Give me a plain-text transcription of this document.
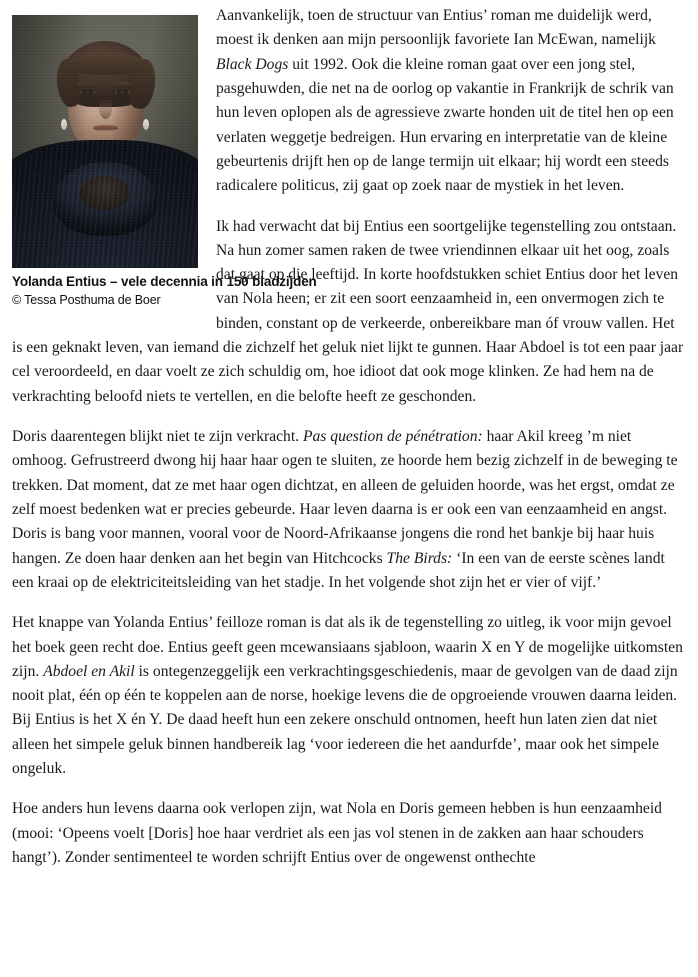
Yolanda Entius – vele decennia in 150 bladzijden
© Tessa Posthuma de Boer

Aanvankelijk, toen de structuur van Entius’ roman me duidelijk werd, moest ik denken aan mijn persoonlijk favoriete Ian McEwan, namelijk Black Dogs uit 1992. Ook die kleine roman gaat over een jong stel, pasgehuwden, die net na de oorlog op vakantie in Frankrijk de schrik van hun leven oplopen als de agressieve zwarte honden uit de titel hen op een verlaten weggetje bedreigen. Hun ervaring en interpretatie van de kleine gebeurtenis drijft hen op de lange termijn uit elkaar; hij wordt een steeds radicalere politicus, zij gaat op zoek naar de mystiek in het leven.

Ik had verwacht dat bij Entius een soortgelijke tegenstelling zou ontstaan. Na hun zomer samen raken de twee vriendinnen elkaar uit het oog, zoals dat gaat op die leeftijd. In korte hoofdstukken schiet Entius door het leven van Nola heen; er zit een soort eenzaamheid in, een onvermogen zich te binden, constant op de verkeerde, onbereikbare man óf vrouw vallen. Het is een geknakt leven, van iemand die zichzelf het geluk niet lijkt te gunnen. Haar Abdoel is tot een paar jaar cel veroordeeld, en daar voelt ze zich schuldig om, hoe idioot dat ook moge klinken. Ze had hem na de verkrachting beloofd niets te vertellen, en die belofte heeft ze geschonden.

Doris daarentegen blijkt niet te zijn verkracht. Pas question de pénétration: haar Akil kreeg ’m niet omhoog. Gefrustreerd dwong hij haar haar ogen te sluiten, ze hoorde hem bezig zichzelf in de beweging te trekken. Dat moment, dat ze met haar ogen dichtzat, en alleen de geluiden hoorde, was het ergst, omdat ze zelf moest bedenken wat er precies gebeurde. Haar leven daarna is er ook een van eenzaamheid en angst. Doris is bang voor mannen, vooral voor de Noord-Afrikaanse jongens die rond het bankje bij haar huis hangen. Ze doen haar denken aan het begin van Hitchcocks The Birds: ‘In een van de eerste scènes landt een kraai op de elektriciteitsleiding van het stadje. In het volgende shot zijn het er vier of vijf.’

Het knappe van Yolanda Entius’ feilloze roman is dat als ik de tegenstelling zo uitleg, ik voor mijn gevoel het boek geen recht doe. Entius geeft geen mcewansiaans sjabloon, waarin X en Y de mogelijke uitkomsten zijn. Abdoel en Akil is ontegenzeggelijk een verkrachtingsgeschiedenis, maar de gevolgen van de daad zijn nooit plat, één op één te koppelen aan de norse, hoekige levens die de opgroeiende vrouwen daarna leiden. Bij Entius is het X én Y. De daad heeft hun een zekere onschuld ontnomen, heeft hun laten zien dat niet alleen het simpele geluk binnen handbereik lag ‘voor iedereen die het aandurfde’, maar ook het simpele ongeluk.

Hoe anders hun levens daarna ook verlopen zijn, wat Nola en Doris gemeen hebben is hun eenzaamheid (mooi: ‘Opeens voelt [Doris] hoe haar verdriet als een jas vol stenen in de zakken aan haar schouders hangt’). Zonder sentimenteel te worden schrijft Entius over de ongewenst onthechte
